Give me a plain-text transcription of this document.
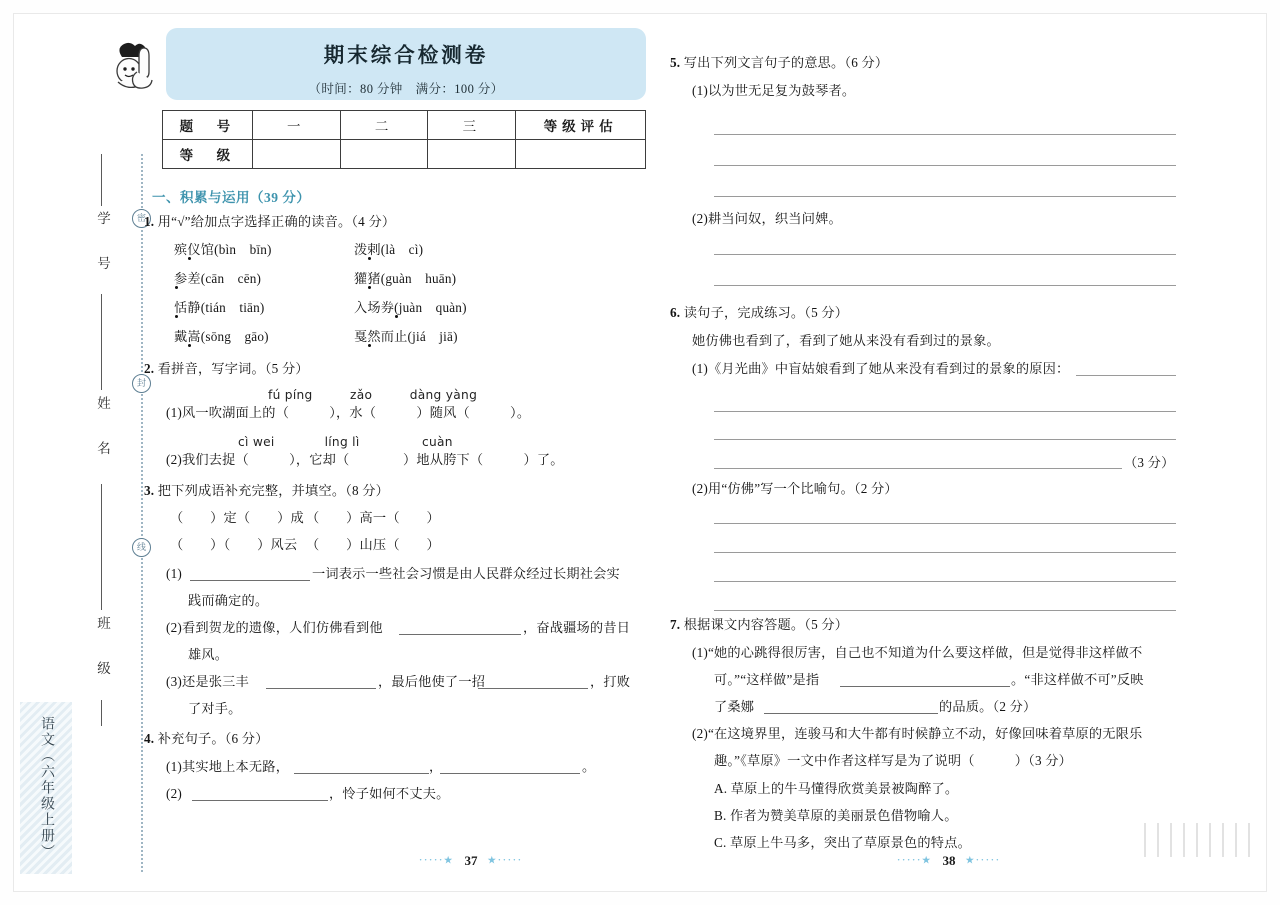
学　号
姓　名
班　级
语文（六年级上册）
密
封
线
期末综合检测卷
（时间：80 分钟　满分：100 分）
题　号	一	二	三	等级评估
等　级				
一、积累与运用（39 分）
1. 用“√”给加点字选择正确的读音。（4 分）
殡仪馆(bìn　bīn)	泼剌(là　cì)
参差(cān　cēn)	獾猪(guàn　huān)
恬静(tián　tiān)	入场券(juàn　quàn)
戴嵩(sōng　gāo)	戛然而止(jiá　jiā)
2. 看拼音，写字词。（5 分）
fú píng　　　zǎo　　　dàng yàng
(1)风一吹湖面上的（　　　），水（　　　）随风（　　　）。
cì wei　　　　líng lì　　　　　cuàn
(2)我们去捉（　　　），它却（　　　　）地从胯下（　　　）了。
3. 把下列成语补充完整，并填空。（8 分）
（　　）定（　　）成 （　　）高一（　　）
（　　）（　　）风云 （　　）山压（　　）
(1)	一词表示一些社会习惯是由人民群众经过长期社会实
践而确定的。
(2)看到贺龙的遗像，人们仿佛看到他	，奋战疆场的昔日
雄风。
(3)还是张三丰	，最后他使了一招	，打败
了对手。
4. 补充句子。（6 分）
(1)其实地上本无路，	，	。
(2)	，怜子如何不丈夫。
·····★ 37 ★·····
5. 写出下列文言句子的意思。（6 分）
(1)以为世无足复为鼓琴者。
(2)耕当问奴，织当问婢。
6. 读句子，完成练习。（5 分）
她仿佛也看到了，看到了她从来没有看到过的景象。
(1)《月光曲》中盲姑娘看到了她从来没有看到过的景象的原因：
（3 分）
(2)用“仿佛”写一个比喻句。（2 分）
7. 根据课文内容答题。（5 分）
(1)“她的心跳得很厉害，自己也不知道为什么要这样做，但是觉得非这样做不
可。”“这样做”是指	。“非这样做不可”反映
了桑娜	的品质。（2 分）
(2)“在这境界里，连骏马和大牛都有时候静立不动，好像回味着草原的无限乐
趣。”《草原》一文中作者这样写是为了说明（　　　）（3 分）
A. 草原上的牛马懂得欣赏美景被陶醉了。
B. 作者为赞美草原的美丽景色借物喻人。
C. 草原上牛马多，突出了草原景色的特点。
·····★ 38 ★·····
